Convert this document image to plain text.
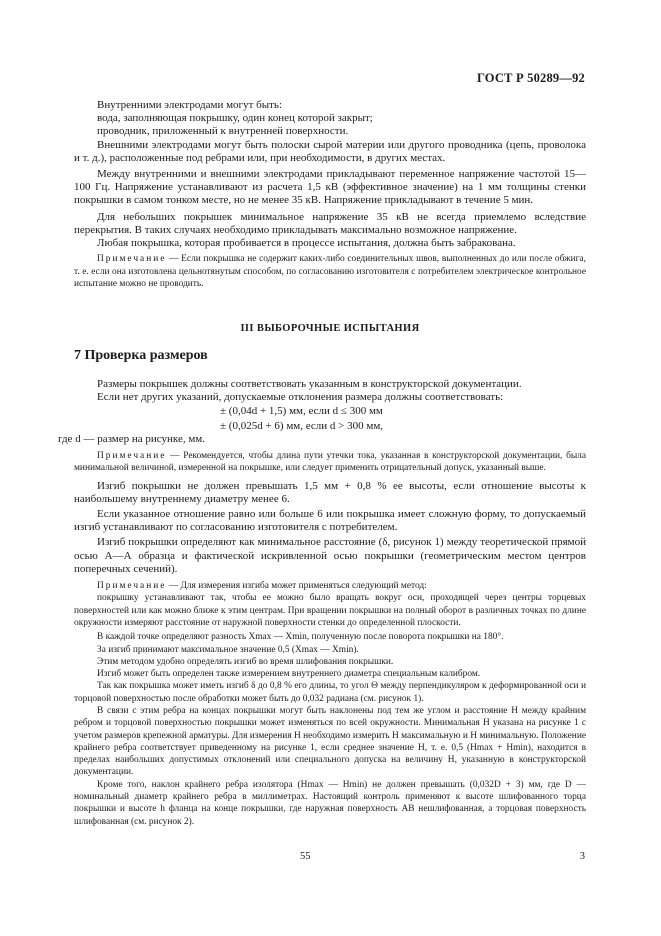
ГОСТ Р 50289—92

Внутренними электродами могут быть:

вода, заполняющая покрышку, один конец которой закрыт;

проводник, приложенный к внутренней поверхности.

Внешними электродами могут быть полоски сырой материи или другого проводника (цепь, проволока и т. д.), расположенные под ребрами или, при необходимости, в других местах.

Между внутренними и внешними электродами прикладывают переменное напряжение частотой 15—100 Гц. Напряжение устанавливают из расчета 1,5 кВ (эффективное значение) на 1 мм толщины стенки покрышки в самом тонком месте, но не менее 35 кВ. Напряжение прикладывают в течение 5 мин.

Для небольших покрышек минимальное напряжение 35 кВ не всегда приемлемо вследствие перекрытия. В таких случаях необходимо прикладывать максимально возможное напряжение.

Любая покрышка, которая пробивается в процессе испытания, должна быть забракована.

Примечание — Если покрышка не содержит каких-либо соединительных швов, выполненных до или после обжига, т. е. если она изготовлена цельнотянутым способом, по согласованию изготовителя с потребителем электрическое контрольное испытание можно не проводить.

III ВЫБОРОЧНЫЕ ИСПЫТАНИЯ
7 Проверка размеров

Размеры покрышек должны соответствовать указанным в конструкторской документации.

Если нет других указаний, допускаемые отклонения размера должны соответствовать:

± (0,04d + 1,5) мм, если d ≤ 300 мм

± (0,025d + 6) мм, если d > 300 мм,

где d — размер на рисунке, мм.

Примечание — Рекомендуется, чтобы длина пути утечки тока, указанная в конструкторской документации, была минимальной величиной, измеренной на покрышке, или следует применить отрицательный допуск, указанный выше.

Изгиб покрышки не должен превышать 1,5 мм + 0,8 % ее высоты, если отношение высоты к наибольшему внутреннему диаметру менее 6.

Если указанное отношение равно или больше 6 или покрышка имеет сложную форму, то допускаемый изгиб устанавливают по согласованию изготовителя с потребителем.

Изгиб покрышки определяют как минимальное расстояние (δ, рисунок 1) между теоретической прямой осью А—А образца и фактической искривленной осью покрышки (геометрическим местом центров поперечных сечений).

Примечание — Для измерения изгиба может применяться следующий метод:

покрышку устанавливают так, чтобы ее можно было вращать вокруг оси, проходящей через центры торцевых поверхностей или как можно ближе к этим центрам. При вращении покрышки на полный оборот в различных точках по длине окружности измеряют расстояние от наружной поверхности стенки до определенной плоскости.

В каждой точке определяют разность Xmax — Xmin, полученную после поворота покрышки на 180°.

За изгиб принимают максимальное значение 0,5 (Xmax — Xmin).

Этим методом удобно определять изгиб во время шлифования покрышки.

Изгиб может быть определен также измерением внутреннего диаметра специальным калибром.

Так как покрышка может иметь изгиб δ до 0,8 % его длины, то угол Θ между перпендикуляром к деформированной оси и торцовой поверхностью после обработки может быть до 0,032 радиана (см. рисунок 1).

В связи с этим ребра на концах покрышки могут быть наклонены под тем же углом и расстояние H между крайним ребром и торцовой поверхностью покрышки может изменяться по всей окружности. Минимальная H указана на рисунке 1 с учетом размеров крепежной арматуры. Для измерения H необходимо измерить H максимальную и H минимальную. Положение крайнего ребра соответствует приведенному на рисунке 1, если среднее значение H, т. е. 0,5 (Hmax + Hmin), находится в пределах наибольших допустимых отклонений или специального допуска на величину H, указанную в конструкторской документации.

Кроме того, наклон крайнего ребра изолятора (Hmax — Hmin) не должен превышать (0,032D + 3) мм, где D — номинальный диаметр крайнего ребра в миллиметрах. Настоящий контроль применяют к высоте шлифованного торца покрышки и высоте h фланца на конце покрышки, где наружная поверхность AB нешлифованная, а торцовая поверхность шлифованная (см. рисунок 2).

55	3
